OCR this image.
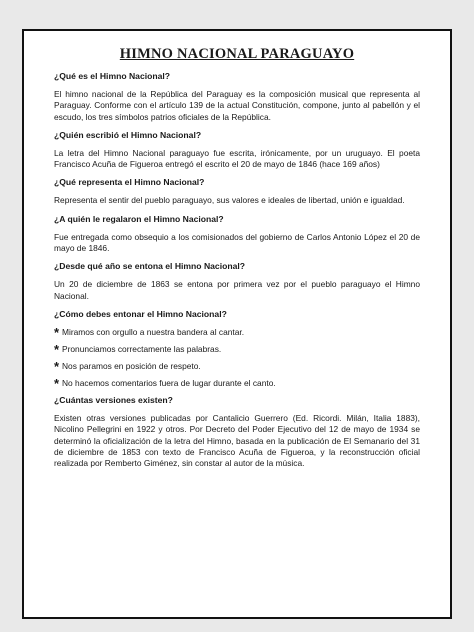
HIMNO NACIONAL PARAGUAYO
¿Qué es el Himno Nacional?
El himno nacional de la República del Paraguay es la composición musical que representa al Paraguay. Conforme con el artículo 139 de la actual Constitución, compone, junto al pabellón y el escudo, los tres símbolos patrios oficiales de la República.
¿Quién escribió el Himno Nacional?
La letra del Himno Nacional paraguayo fue escrita, irónicamente, por un uruguayo. El poeta Francisco Acuña de Figueroa entregó el escrito el 20 de mayo de 1846 (hace 169 años)
¿Qué representa el Himno Nacional?
Representa el sentir del pueblo paraguayo, sus valores e ideales de libertad, unión e igualdad.
¿A quién le regalaron el Himno Nacional?
Fue entregada como obsequio a los comisionados del gobierno de Carlos Antonio López el 20 de mayo de 1846.
¿Desde qué año se entona el Himno Nacional?
Un 20 de diciembre de 1863 se entona por primera vez por el pueblo paraguayo el Himno Nacional.
¿Cómo debes entonar el Himno Nacional?
* Miramos con orgullo a nuestra bandera al cantar.
* Pronunciamos correctamente las palabras.
* Nos paramos en posición de respeto.
* No hacemos comentarios fuera de lugar durante el canto.
¿Cuántas versiones existen?
Existen otras versiones publicadas por Cantalicio Guerrero (Ed. Ricordi. Milán, Italia 1883), Nicolino Pellegrini en 1922 y otros. Por Decreto del Poder Ejecutivo del 12 de mayo de 1934 se determinó la oficialización de la letra del Himno, basada en la publicación de El Semanario del 31 de diciembre de 1853 con texto de Francisco Acuña de Figueroa, y la reconstrucción oficial realizada por Remberto Giménez, sin constar al autor de la música.
